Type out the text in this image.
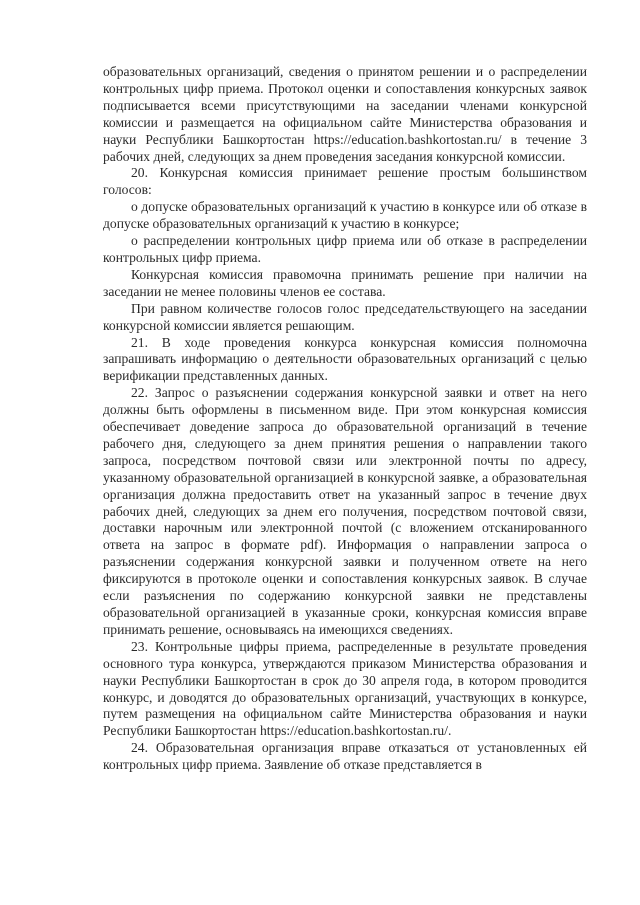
образовательных организаций, сведения о принятом решении и о распределении контрольных цифр приема. Протокол оценки и сопоставления конкурсных заявок подписывается всеми присутствующими на заседании членами конкурсной комиссии и размещается на официальном сайте Министерства образования и науки Республики Башкортостан https://education.bashkortostan.ru/ в течение 3 рабочих дней, следующих за днем проведения заседания конкурсной комиссии.

20. Конкурсная комиссия принимает решение простым большинством голосов:

о допуске образовательных организаций к участию в конкурсе или об отказе в допуске образовательных организаций к участию в конкурсе;

о распределении контрольных цифр приема или об отказе в распределении контрольных цифр приема.

Конкурсная комиссия правомочна принимать решение при наличии на заседании не менее половины членов ее состава.

При равном количестве голосов голос председательствующего на заседании конкурсной комиссии является решающим.

21. В ходе проведения конкурса конкурсная комиссия полномочна запрашивать информацию о деятельности образовательных организаций с целью верификации представленных данных.

22. Запрос о разъяснении содержания конкурсной заявки и ответ на него должны быть оформлены в письменном виде. При этом конкурсная комиссия обеспечивает доведение запроса до образовательной организаций в течение рабочего дня, следующего за днем принятия решения о направлении такого запроса, посредством почтовой связи или электронной почты по адресу, указанному образовательной организацией в конкурсной заявке, а образовательная организация должна предоставить ответ на указанный запрос в течение двух рабочих дней, следующих за днем его получения, посредством почтовой связи, доставки нарочным или электронной почтой (с вложением отсканированного ответа на запрос в формате pdf). Информация о направлении запроса о разъяснении содержания конкурсной заявки и полученном ответе на него фиксируются в протоколе оценки и сопоставления конкурсных заявок. В случае если разъяснения по содержанию конкурсной заявки не представлены образовательной организацией в указанные сроки, конкурсная комиссия вправе принимать решение, основываясь на имеющихся сведениях.

23. Контрольные цифры приема, распределенные в результате проведения основного тура конкурса, утверждаются приказом Министерства образования и науки Республики Башкортостан в срок до 30 апреля года, в котором проводится конкурс, и доводятся до образовательных организаций, участвующих в конкурсе, путем размещения на официальном сайте Министерства образования и науки Республики Башкортостан https://education.bashkortostan.ru/.

24. Образовательная организация вправе отказаться от установленных ей контрольных цифр приема. Заявление об отказе представляется в
